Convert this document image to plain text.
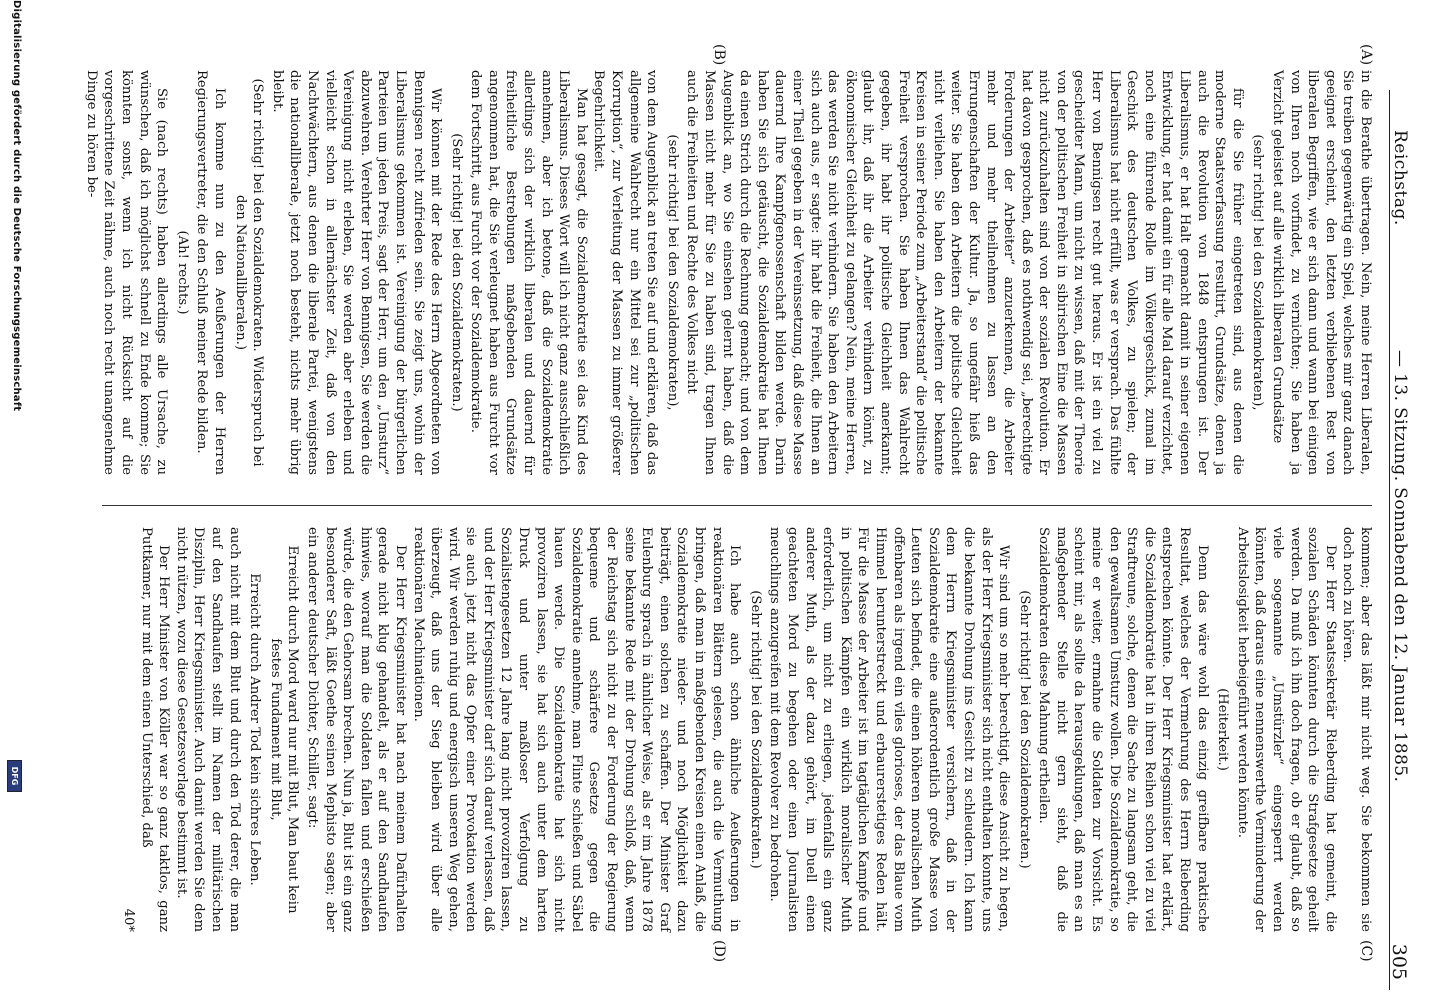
Reichstag.
— 13. Sitzung. Sonnabend den 12. Januar 1885.
305
(A)
(B)
(C)
(D)

in die Berathe übertragen. Nein, meine Herren Liberalen, Sie treiben gegenwärtig ein Spiel, welches mir ganz danach geeignet erscheint, den letzten verbliebenen Rest von liberalen Begriffen, wie er sich dann und wann bei einigen von Ihren noch vorfindet, zu vernichten; Sie haben ja Verzicht geleistet auf alle wirklich liberalen Grundsätze

(sehr richtig! bei den Sozialdemokraten),

für die Sie früher eingetreten sind, aus denen die moderne Staatsverfassung resultirt, Grundsätze, denen ja auch die Revolution von 1848 entsprungen ist. Der Liberalismus, er hat Halt gemacht damit in seiner eigenen Entwicklung, er hat damit ein für alle Mal darauf verzichtet, noch eine führende Rolle im Völkergeschick, zumal im Geschick des deutschen Volkes, zu spielen; der Liberalismus hat nicht erfüllt, was er versprach. Das fühlte Herr von Bennigsen recht gut heraus. Er ist ein viel zu gescheidter Mann, um nicht zu wissen, daß mit der Theorie von der politischen Freiheit in sibirischen Eine die Massen nicht zurückzuhalten sind von der sozialen Revolution. Er hat davon gesprochen, daß es nothwendig sei, „berechtigte Forderungen der Arbeiter“ anzuerkennen, die Arbeiter mehr und mehr theilnehmen zu lassen an den Errungenschaften der Kultur. Ja, so ungefähr hieß das weiter. Sie haben den Arbeitern die politische Gleichheit nicht verliehen. Sie haben den Arbeitern der bekannte Kreisen in seiner Periode zum „Arbeiterstand“ die politische Freiheit versprochen. Sie haben Ihnen das Wahlrecht gegeben, ihr habt ihr politische Gleichheit anerkannt; glaubt ihr, daß ihr die Arbeiter verhindern könnt, zu ökonomischer Gleichheit zu gelangen? Nein, meine Herren, das werden Sie nicht verhindern. Sie haben den Arbeitern sich auch aus, er sagte: ihr habt die Freiheit, die Ihnen an einer Theil gegeben in der Vereinssetzung, daß diese Masse dauernd Ihre Kampfgenossenschaft bilden werde. Darin haben Sie sich getäuscht, die Sozialdemokratie hat Ihnen da einen Strich durch die Rechnung gemacht; und von dem Augenblick an, wo Sie einsehen gelernt haben, daß die Massen nicht mehr für Sie zu haben sind, tragen Ihnen auch die Freiheiten und Rechte des Volkes nicht

(sehr richtig! bei den Sozialdemokraten),

von dem Augenblick an treten Sie auf und erklären, daß das allgemeine Wahlrecht nur ein Mittel sei zur „politischen Korruption“, zur Verleitung der Massen zu immer größerer Begehrlichkeit.

Man hat gesagt, die Sozialdemokratie sei das Kind des Liberalismus. Dieses Wort will ich nicht ganz ausschließlich annehmen, aber ich betone, daß die Sozialdemokratie allerdings sich der wirklich liberalen und dauernd für freiheitliche Bestrebungen maßgebenden Grundsätze angenommen hat, die Sie verleugnet haben aus Furcht vor dem Fortschritt, aus Furcht vor der Sozialdemokratie.

(Sehr richtig! bei den Sozialdemokraten.)

Wir können mit der Rede des Herrn Abgeordneten von Bennigsen recht zufrieden sein. Sie zeigt uns, wohin der Liberalismus gekommen ist. Vereinigung der bürgerlichen Parteien um jeden Preis, sagt der Herr, um den „Umsturz“ abzuwehren. Verehrter Herr von Bennigsen, Sie werden die Vereinigung nicht erleben, Sie werden aber erleben und vielleicht schon in allernächster Zeit, daß von den Nachtwächtern, aus denen die liberale Partei, wenigstens die nationalliberale, jetzt noch besteht, nichts mehr übrig bleibt.

(Sehr richtig! bei den Sozialdemokraten. Widerspruch bei den Nationalliberalen.)

Ich komme nun zu den Aeußerungen der Herren Regierungsvertreter, die den Schluß meiner Rede bilden.

(Ah! rechts.)

Sie (nach rechts) haben allerdings alle Ursache, zu wünschen, daß ich möglichst schnell zu Ende komme; Sie könnten sonst, wenn ich nicht Rücksicht auf die vorgeschrittene Zeit nähme, auch noch recht unangenehme Dinge zu hören be-

kommen; aber das läßt mir nicht weg. Sie bekommen sie doch noch zu hören.

Der Herr Staatssekretär Rieberding hat gemeint, die sozialen Schäden könnten durch die Strafgesetze geheilt werden. Da muß ich ihn doch fragen, ob er glaubt, daß so viele sogenannte „Umstürzler“ eingesperrt werden könnten, daß daraus eine nennenswerthe Verminderung der Arbeitslosigkeit herbeigeführt werden könnte.

(Heiterkeit.)

Denn das wäre wohl das einzig greifbare praktische Resultat, welches der Vermehrung des Herrn Rieberding entsprechen könnte. Der Herr Kriegsminister hat erklärt, die Sozialdemokratie hat in ihren Reihen schon viel zu viel Straftreune, solche, denen die Sache zu langsam geht, die den gewaltsamen Umsturz wollen. Die Sozialdemokratie, so meine er weiter, ermahne die Soldaten zur Vorsicht. Es scheint mir, als sollte da herausgeklungen, daß man es an maßgebender Stelle nicht gern sieht, daß die Sozialdemokraten diese Mahnung ertheilen.

(Sehr richtig! bei den Sozialdemokraten.)

Wir sind um so mehr berechtigt, diese Ansicht zu hegen, als der Herr Kriegsminister sich nicht enthalten konnte, uns die bekannte Drohung ins Gesicht zu schleudern. Ich kann dem Herrn Kriegsminister versichern, daß in der Sozialdemokratie eine außerordentlich große Masse von Leuten sich befindet, die einen höheren moralischen Muth offenbaren als irgend ein viles glorioses, der das Blaue vom Himmel herunterstreckt und erbaurerstetiges Reden hält. Für die Masse der Arbeiter ist im tagtäglichen Kampfe und in politischen Kämpfen ein wirklich moralischer Muth erforderlich, um nicht zu erliegen, jedenfalls ein ganz anderer Muth, als der dazu gehört, im Duell einen geachteten Mord zu begehen oder einen Journalisten meuchlings anzugreifen mit dem Revolver zu bedrohen.

(Sehr richtig! bei den Sozialdemokraten.)

Ich habe auch schon ähnliche Aeußerungen in reaktionären Blättern gelesen, die auch die Vermuthung bringen, daß man in maßgebenden Kreisen einen Anlaß, die Sozialdemokratie nieder- und noch Möglichkeit dazu beiträgt, einen solchen zu schaffen. Der Minister Graf Eulenburg sprach in ähnlicher Weise, als er im Jahre 1878 seine bekannte Rede mit der Drohung schloß, daß, wenn der Reichstag sich nicht zu der Forderung der Regierung bequeme und schärfere Gesetze gegen die Sozialdemokratie annehme, man Flinte schießen und Säbel hauen werde. Die Sozialdemokratie hat sich nicht provoziren lassen, sie hat sich auch unter dem harten Druck und unter maßloser Verfolgung zu Sozialistengesetzen 12 Jahre lang nicht provoziren lassen, und der Herr Kriegsminister darf sich darauf verlassen, daß sie auch jetzt nicht das Opfer einer Provokation werden wird. Wir werden ruhig und energisch unseren Weg gehen, überzeugt, daß uns der Sieg bleiben wird über alle reaktionären Machinationen.

Der Herr Kriegsminister hat nach meinem Dafürhalten gerade nicht klug gehandelt, als er auf den Sandhaufen hinwies, worauf man die Soldaten fallen und erschießen würde, die den Gehorsam brechen. Nun ja, Blut ist ein ganz besonderer Saft, läßt Goethe seinen Mephisto sagen; aber ein anderer deutscher Dichter, Schiller, sagt:

Erreicht durch Mord ward nur mit Blut, Man baut kein festes Fundament mit Blut,

Erreicht durch Andrer Tod kein sichres Leben.

auch nicht mit dem Blut und durch den Tod derer, die man auf den Sandhaufen stellt im Namen der militärischen Disziplin, Herr Kriegsminister. Auch damit werden Sie dem nicht nützen, wozu diese Gesetzesvorlage bestimmt ist.

Der Herr Minister von Köller war so ganz taktlos, ganz Puttkamer, nur mit dem einen Unterschied, daß

40*

Digitalisierung gefördert durch die Deutsche Forschungsgemeinschaft
DFG
